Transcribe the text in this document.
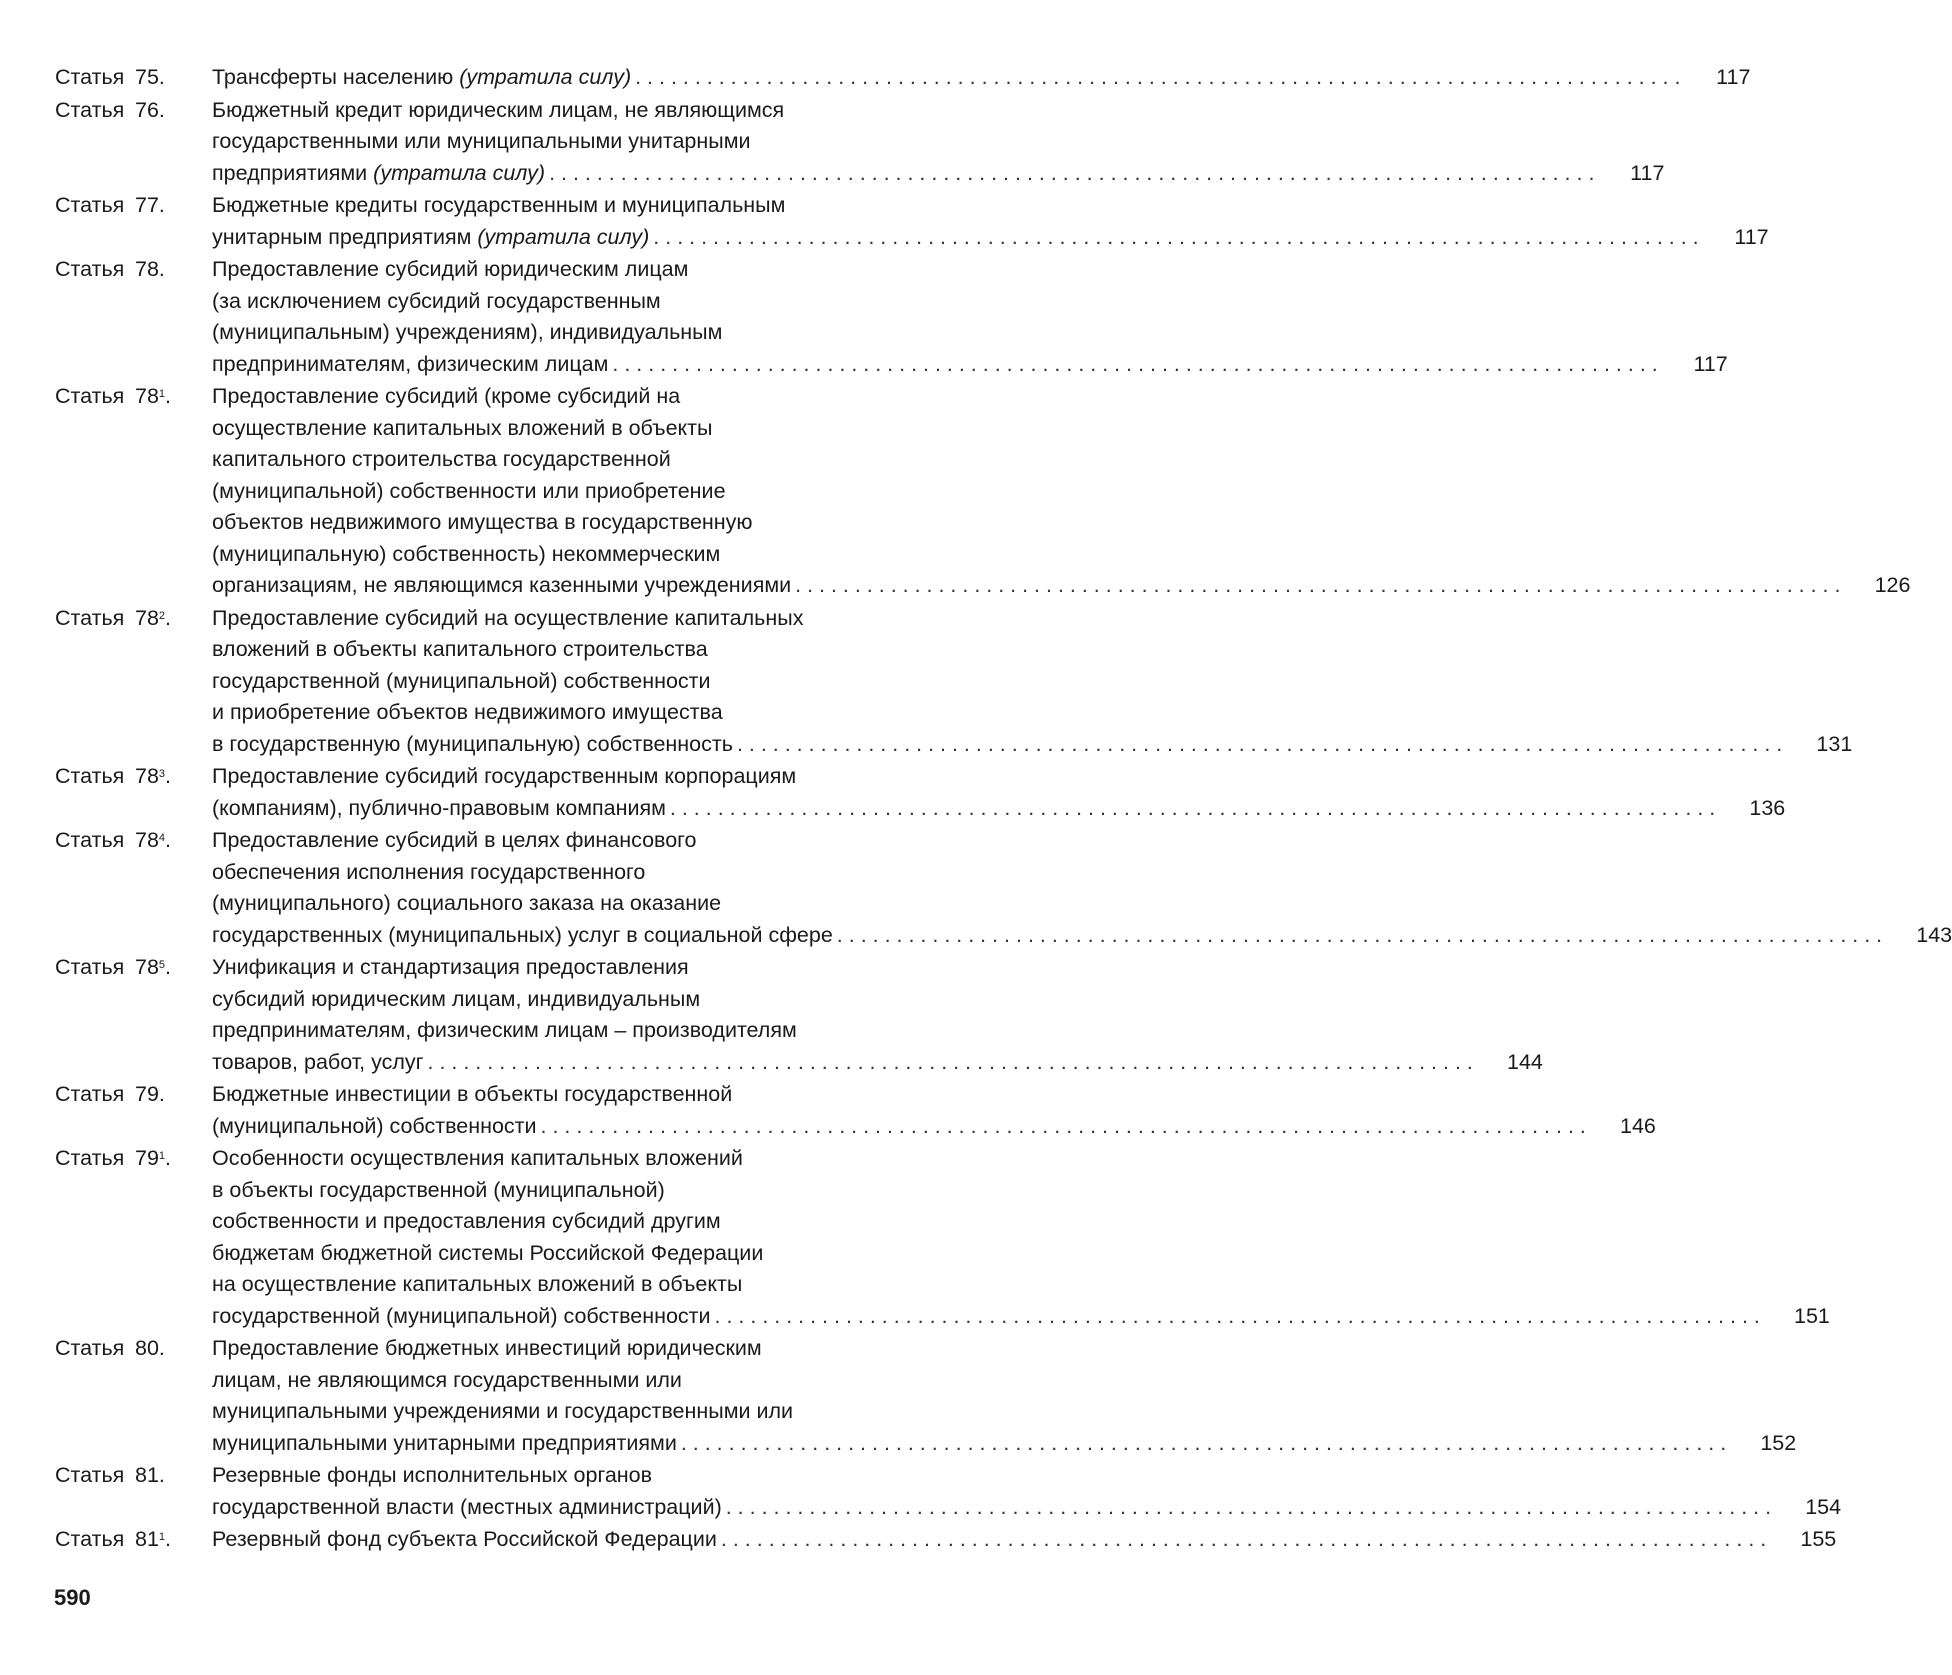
Статья 75.	Трансферты населению (утратила силу) . . .	117
Статья 76.	Бюджетный кредит юридическим лицам, не являющимся
государственными или муниципальными унитарными
предприятиями (утратила силу) . . .	117
Статья 77.	Бюджетные кредиты государственным и муниципальным
унитарным предприятиям (утратила силу) . . .	117
Статья 78.	Предоставление субсидий юридическим лицам
(за исключением субсидий государственным
(муниципальным) учреждениям), индивидуальным
предпринимателям, физическим лицам . . .	117
Статья $78^1$.	Предоставление субсидий (кроме субсидий на
осуществление капитальных вложений в объекты
капитального строительства государственной
(муниципальной) собственности или приобретение
объектов недвижимого имущества в государственную
(муниципальную) собственность) некоммерческим
организациям, не являющимся казенными учреждениями . . .	126
Статья $78^2$.	Предоставление субсидий на осуществление капитальных
вложений в объекты капитального строительства
государственной (муниципальной) собственности
и приобретение объектов недвижимого имущества
в государственную (муниципальную) собственность . . .	131
Статья $78^3$.	Предоставление субсидий государственным корпорациям
(компаниям), публично-правовым компаниям . . .	136
Статья $78^4$.	Предоставление субсидий в целях финансового
обеспечения исполнения государственного
(муниципального) социального заказа на оказание
государственных (муниципальных) услуг в социальной сфере . . .	143
Статья $78^5$.	Унификация и стандартизация предоставления
субсидий юридическим лицам, индивидуальным
предпринимателям, физическим лицам – производителям
товаров, работ, услуг . . .	144
Статья 79.	Бюджетные инвестиции в объекты государственной
(муниципальной) собственности . . .	146
Статья $79^1$.	Особенности осуществления капитальных вложений
в объекты государственной (муниципальной)
собственности и предоставления субсидий другим
бюджетам бюджетной системы Российской Федерации
на осуществление капитальных вложений в объекты
государственной (муниципальной) собственности . . .	151
Статья 80.	Предоставление бюджетных инвестиций юридическим
лицам, не являющимся государственными или
муниципальными учреждениями и государственными или
муниципальными унитарными предприятиями . . .	152
Статья 81.	Резервные фонды исполнительных органов
государственной власти (местных администраций) . . .	154
Статья $81^1$.	Резервный фонд субъекта Российской Федерации . . .	155
590
